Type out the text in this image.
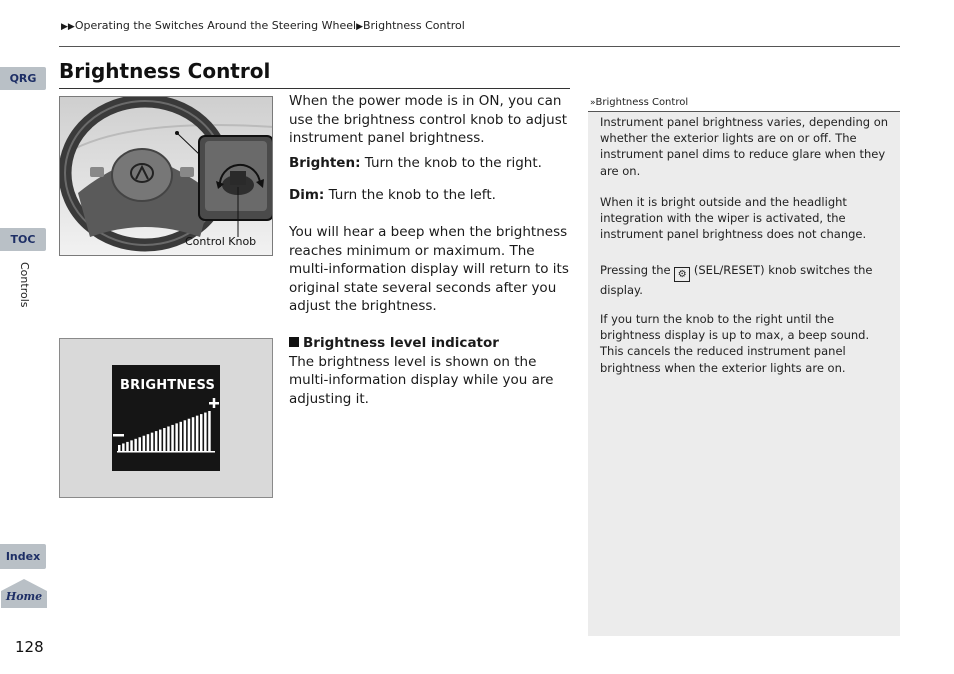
▶▶Operating the Switches Around the Steering Wheel▶Brightness Control
Brightness Control
QRG
TOC
Controls
Index
Home
128
Control Knob
BRIGHTNESS
When the power mode is in ON, you can use the brightness control knob to adjust instrument panel brightness.
Brighten: Turn the knob to the right.
Dim: Turn the knob to the left.
You will hear a beep when the brightness reaches minimum or maximum. The multi-information display will return to its original state several seconds after you adjust the brightness.
Brightness level indicator
The brightness level is shown on the multi-information display while you are adjusting it.
»Brightness Control
Instrument panel brightness varies, depending on whether the exterior lights are on or off. The instrument panel dims to reduce glare when they are on.
When it is bright outside and the headlight integration with the wiper is activated, the instrument panel brightness does not change.
Pressing the ⚙ (SEL/RESET) knob switches the display.
If you turn the knob to the right until the brightness display is up to max, a beep sound. This cancels the reduced instrument panel brightness when the exterior lights are on.
